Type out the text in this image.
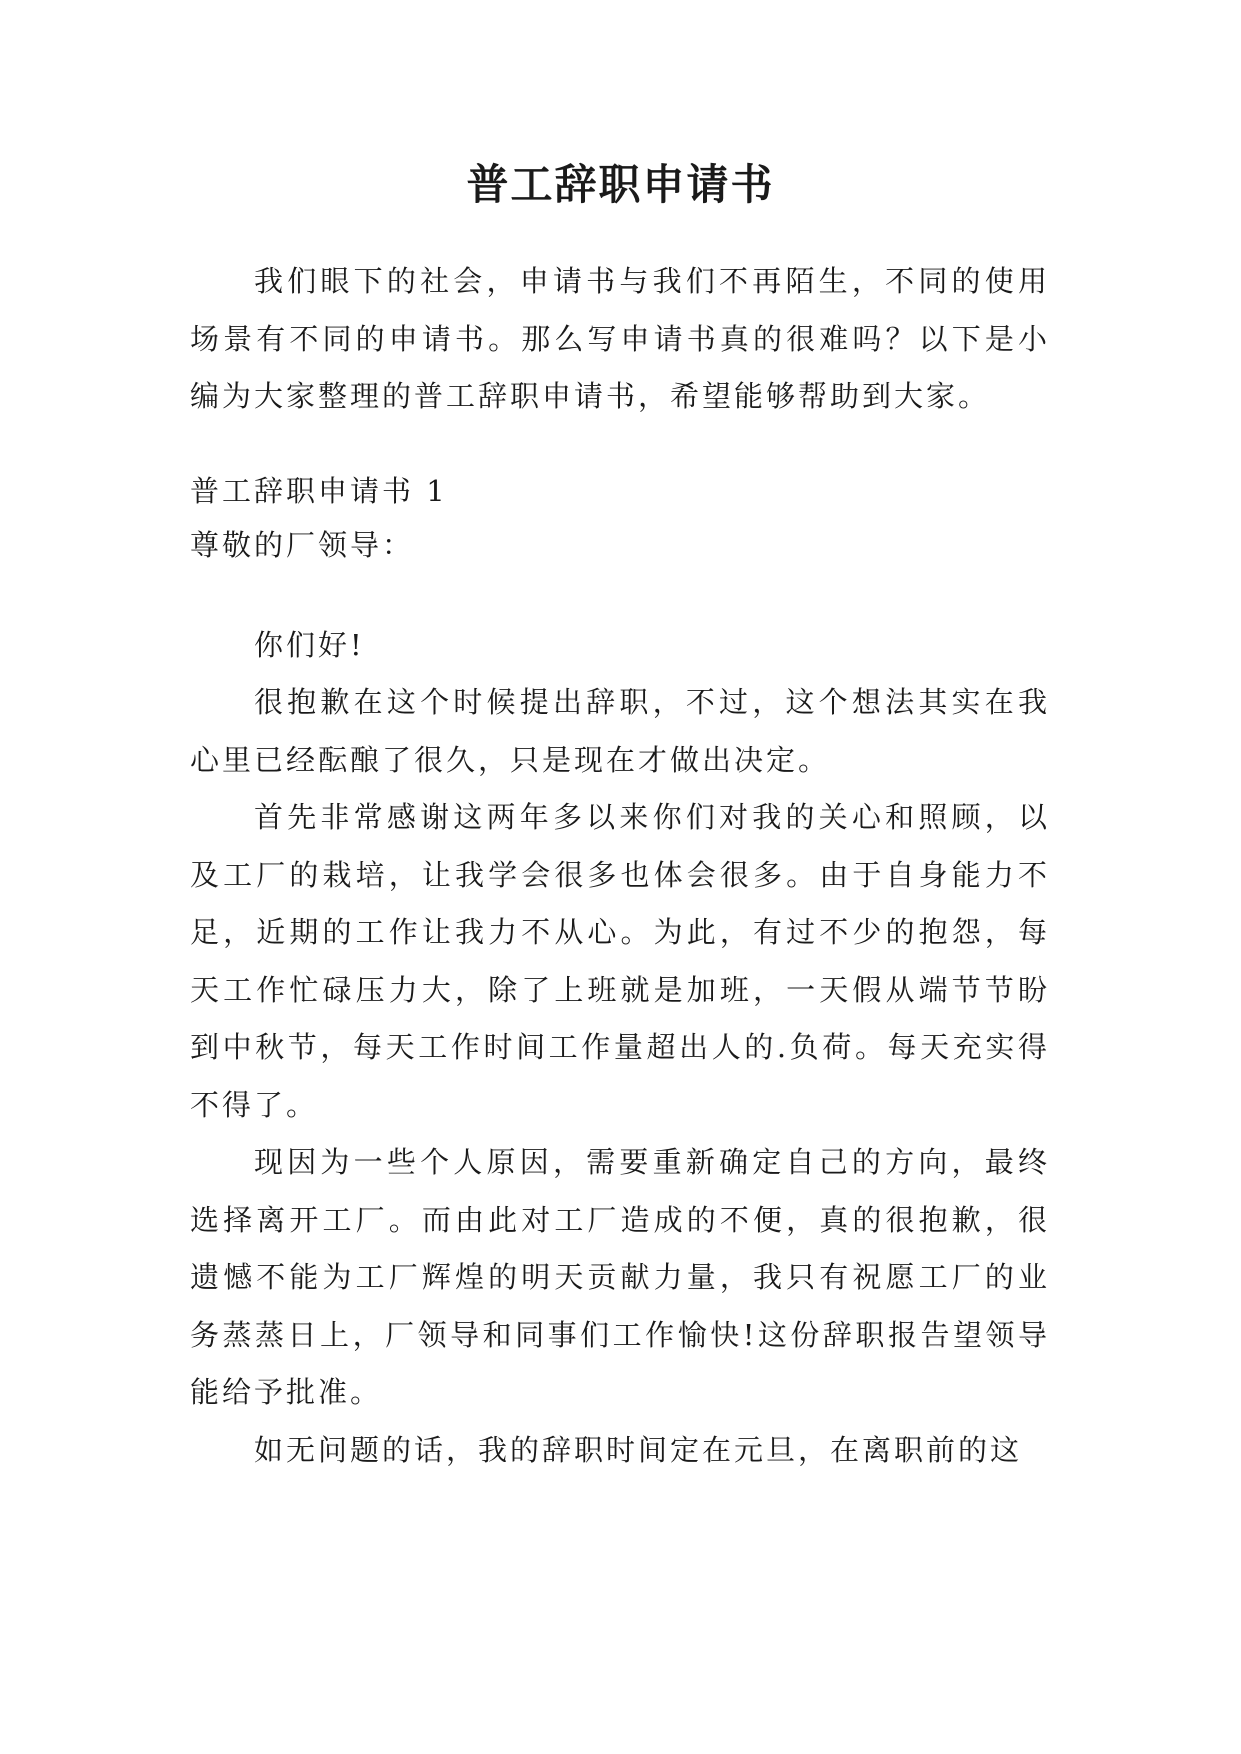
普工辞职申请书
我们眼下的社会，申请书与我们不再陌生，不同的使用场景有不同的申请书。那么写申请书真的很难吗？以下是小编为大家整理的普工辞职申请书，希望能够帮助到大家。
普工辞职申请书 1
尊敬的厂领导：
你们好!

很抱歉在这个时候提出辞职，不过，这个想法其实在我心里已经酝酿了很久，只是现在才做出决定。

首先非常感谢这两年多以来你们对我的关心和照顾，以及工厂的栽培，让我学会很多也体会很多。由于自身能力不足，近期的工作让我力不从心。为此，有过不少的抱怨，每天工作忙碌压力大，除了上班就是加班，一天假从端节节盼到中秋节，每天工作时间工作量超出人的.负荷。每天充实得不得了。

现因为一些个人原因，需要重新确定自己的方向，最终选择离开工厂。而由此对工厂造成的不便，真的很抱歉，很遗憾不能为工厂辉煌的明天贡献力量，我只有祝愿工厂的业务蒸蒸日上，厂领导和同事们工作愉快!这份辞职报告望领导能给予批准。

如无问题的话，我的辞职时间定在元旦，在离职前的这
